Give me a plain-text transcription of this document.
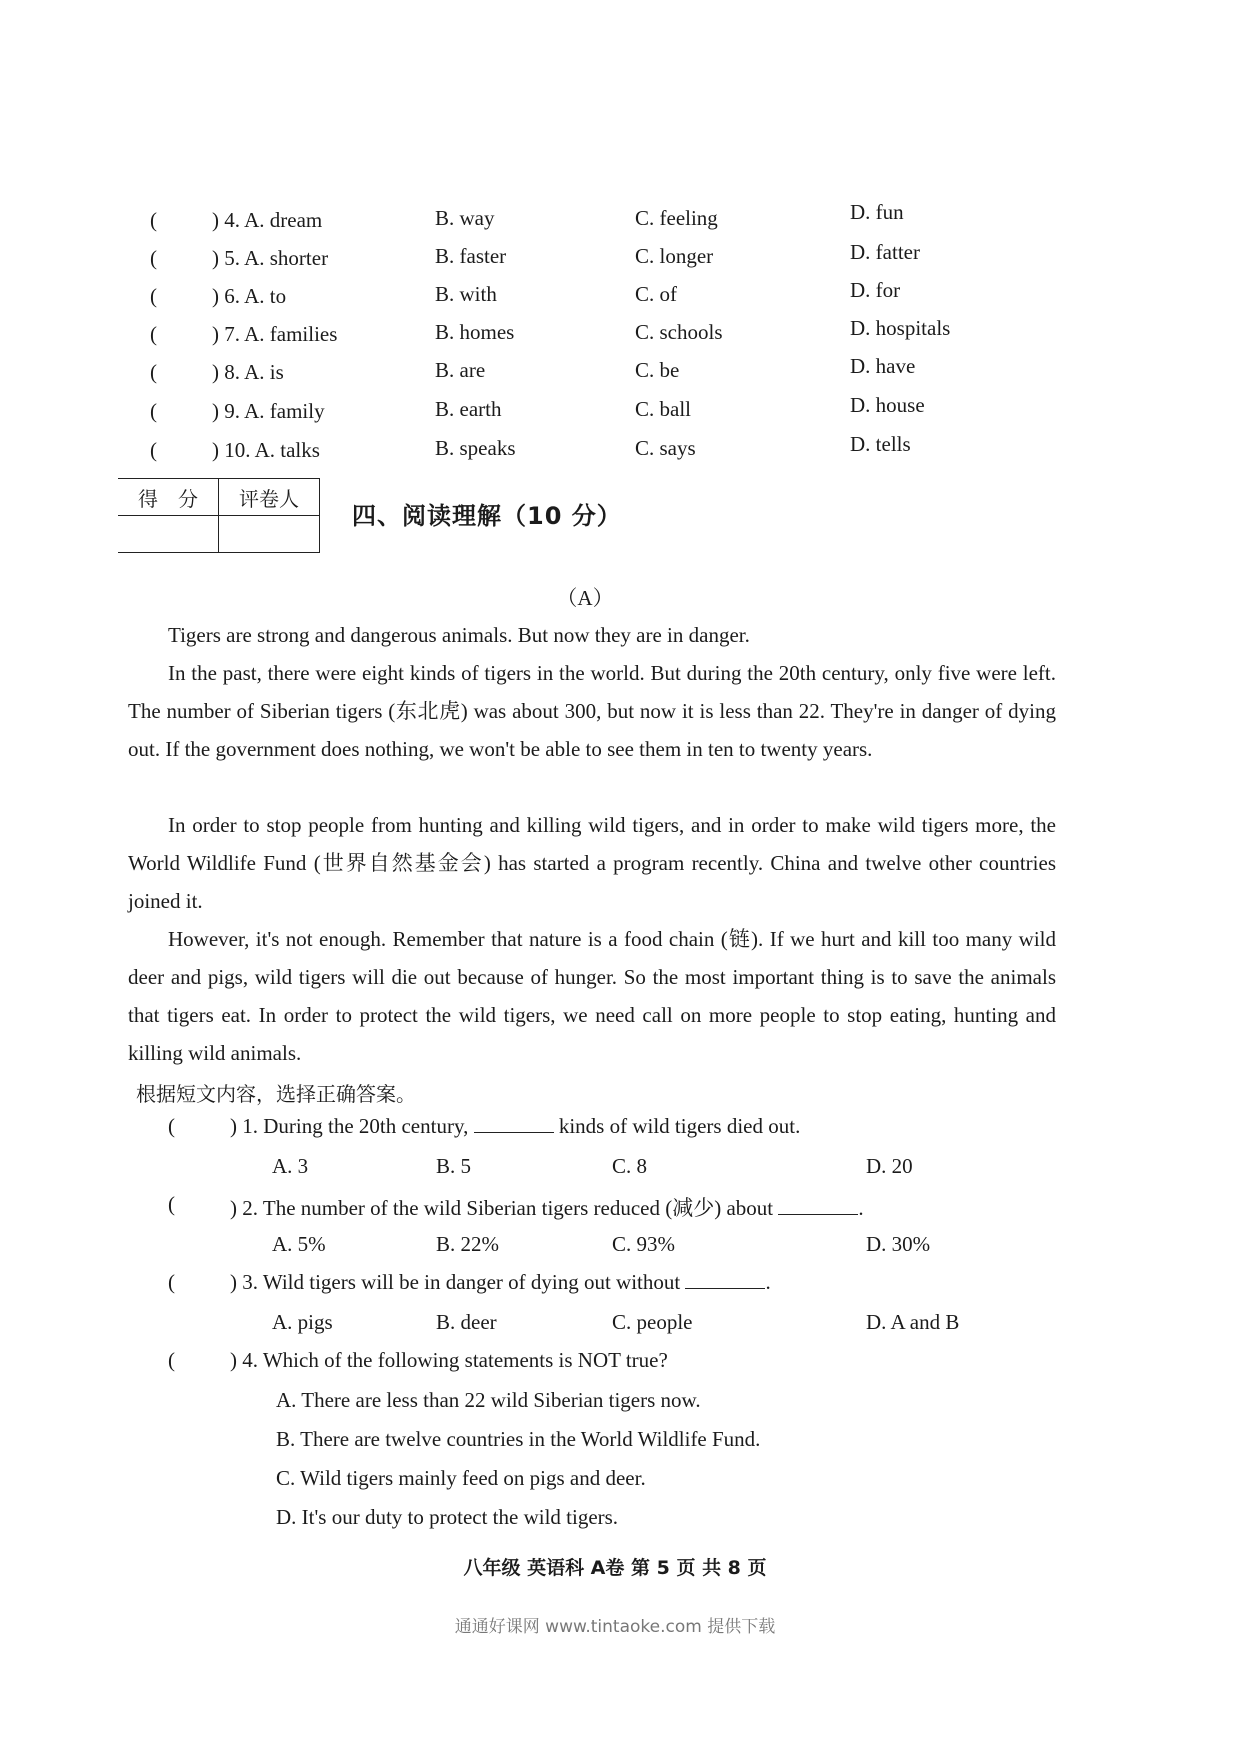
(	) 4. A. dream	B. way	C. feeling	D. fun
(	) 5. A. shorter	B. faster	C. longer	D. fatter
(	) 6. A. to	B. with	C. of	D. for
(	) 7. A. families	B. homes	C. schools	D. hospitals
(	) 8. A. is	B. are	C. be	D. have
(	) 9. A. family	B. earth	C. ball	D. house
(	) 10. A. talks	B. speaks	C. says	D. tells
得　分	评卷人

四、阅读理解（10 分）
（A）
Tigers are strong and dangerous animals. But now they are in danger.
In the past, there were eight kinds of tigers in the world. But during the 20th century, only five were left. The number of Siberian tigers (东北虎) was about 300, but now it is less than 22. They're in danger of dying out. If the government does nothing, we won't be able to see them in ten to twenty years.
In order to stop people from hunting and killing wild tigers, and in order to make wild tigers more, the World Wildlife Fund (世界自然基金会) has started a program recently. China and twelve other countries joined it.
However, it's not enough. Remember that nature is a food chain (链). If we hurt and kill too many wild deer and pigs, wild tigers will die out because of hunger. So the most important thing is to save the animals that tigers eat. In order to protect the wild tigers, we need call on more people to stop eating, hunting and killing wild animals.
根据短文内容，选择正确答案。
(	) 1. During the 20th century,	kinds of wild tigers died out.
A. 3	B. 5	C. 8	D. 20
(	) 2. The number of the wild Siberian tigers reduced (减少) about	.
A. 5%	B. 22%	C. 93%	D. 30%
(	) 3. Wild tigers will be in danger of dying out without	.
A. pigs	B. deer	C. people	D. A and B
(	) 4. Which of the following statements is NOT true?
A. There are less than 22 wild Siberian tigers now.
B. There are twelve countries in the World Wildlife Fund.
C. Wild tigers mainly feed on pigs and deer.
D. It's our duty to protect the wild tigers.
八年级 英语科 A卷 第 5 页 共 8 页
通通好课网 www.tintaoke.com 提供下载
